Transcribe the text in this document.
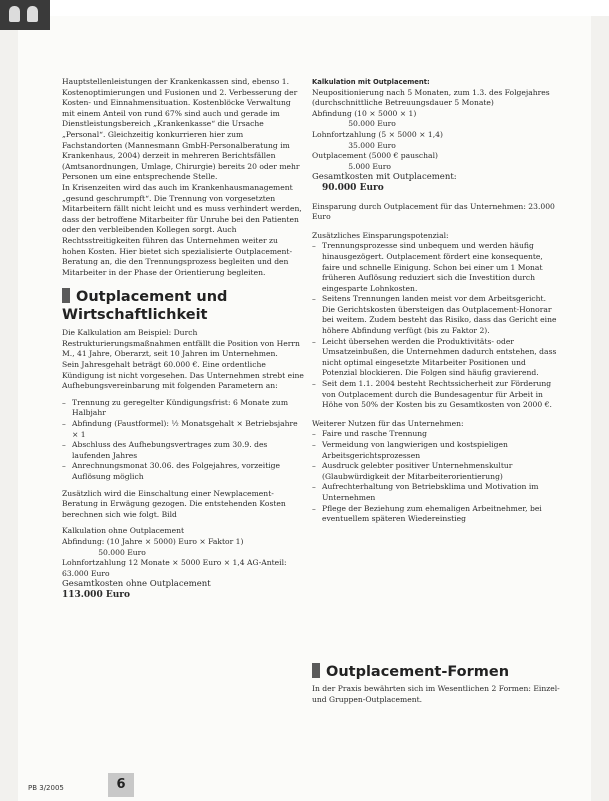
Hauptstellenleistungen der Krankenkassen sind, ebenso 1. Kostenoptimierungen und Fusionen und 2. Verbesserung der Kosten- und Einnahmensituation. Kostenblöcke Verwaltung mit einem Anteil von rund 67% sind auch und gerade im Dienstleistungsbereich „Krankenkasse“ die Ursache „Personal“. Gleichzeitig konkurrieren hier zum Fachstandorten (Mannesmann GmbH-Personalberatung im Krankenhaus, 2004) derzeit in mehreren Berichtsfällen (Amtsanordnungen, Umlage, Chirurgie) bereits 20 oder mehr Personen um eine entsprechende Stelle.

In Krisenzeiten wird das auch im Krankenhausmanagement „gesund geschrumpft“. Die Trennung von vorgesetzten Mitarbeitern fällt nicht leicht und es muss verhindert werden, dass der betroffene Mitarbeiter für Unruhe bei den Patienten oder den verbleibenden Kollegen sorgt. Auch Rechtsstreitigkeiten führen das Unternehmen weiter zu hohen Kosten. Hier bietet sich spezialisierte Outplacement-Beratung an, die den Trennungsprozess begleiten und den Mitarbeiter in der Phase der Orientierung begleiten.

Outplacement und Wirtschaftlichkeit

Die Kalkulation am Beispiel: Durch Restrukturierungsmaßnahmen entfällt die Position von Herrn M., 41 Jahre, Oberarzt, seit 10 Jahren im Unternehmen.

Sein Jahresgehalt beträgt 60.000 €. Eine ordentliche Kündigung ist nicht vorgesehen. Das Unternehmen strebt eine Aufhebungsvereinbarung mit folgenden Parametern an:

– Trennung zu geregelter Kündigungsfrist: 6 Monate zum Halbjahr
– Abfindung (Faustformel): ½ Monatsgehalt × Betriebsjahre × 1
– Abschluss des Aufhebungsvertrages zum 30.9. des laufenden Jahres
– Anrechnungsmonat 30.06. des Folgejahres, vorzeitige Auflösung möglich

Zusätzlich wird die Einschaltung einer Newplacement-Beratung in Erwägung gezogen. Die entstehenden Kosten berechnen sich wie folgt. Bild

Kalkulation ohne Outplacement

Abfindung: (10 Jahre × 5000) Euro × Faktor 1)

50.000 Euro

Lohnfortzahlung 12 Monate × 5000 Euro × 1,4 AG-Anteil: 63.000 Euro

Gesamtkosten ohne Outplacement

113.000 Euro

Kalkulation mit Outplacement:

Neupositionierung nach 5 Monaten, zum 1.3. des Folgejahres (durchschnittliche Betreuungsdauer 5 Monate)

Abfindung (10 × 5000 × 1)

50.000 Euro

Lohnfortzahlung (5 × 5000 × 1,4)

35.000 Euro

Outplacement (5000 € pauschal)

5.000 Euro

Gesamtkosten mit Outplacement:

90.000 Euro

Einsparung durch Outplacement für das Unternehmen: 23.000 Euro

Zusätzliches Einsparungspotenzial:

– Trennungsprozesse sind unbequem und werden häufig hinausgezögert. Outplacement fördert eine konsequente, faire und schnelle Einigung. Schon bei einer um 1 Monat früheren Auflösung reduziert sich die Investition durch eingesparte Lohnkosten.
– Seitens Trennungen landen meist vor dem Arbeitsgericht. Die Gerichtskosten übersteigen das Outplacement-Honorar bei weitem. Zudem besteht das Risiko, dass das Gericht eine höhere Abfindung verfügt (bis zu Faktor 2).
– Leicht übersehen werden die Produktivitäts- oder Umsatzeinbußen, die Unternehmen dadurch entstehen, dass nicht optimal eingesetzte Mitarbeiter Positionen und Potenzial blockieren. Die Folgen sind häufig gravierend.
– Seit dem 1.1. 2004 besteht Rechtssicherheit zur Förderung von Outplacement durch die Bundesagentur für Arbeit in Höhe von 50% der Kosten bis zu Gesamtkosten von 2000 €.

Weiterer Nutzen für das Unternehmen:

– Faire und rasche Trennung
– Vermeidung von langwierigen und kostspieligen Arbeitsgerichtsprozessen
– Ausdruck gelebter positiver Unternehmenskultur (Glaubwürdigkeit der Mitarbeiterorientierung)
– Aufrechterhaltung von Betriebsklima und Motivation im Unternehmen
– Pflege der Beziehung zum ehemaligen Arbeitnehmer, bei eventuellem späteren Wiedereinstieg

Outplacement-Formen

In der Praxis bewährten sich im Wesentlichen 2 Formen: Einzel- und Gruppen-Outplacement.

PB 3/2005	6
